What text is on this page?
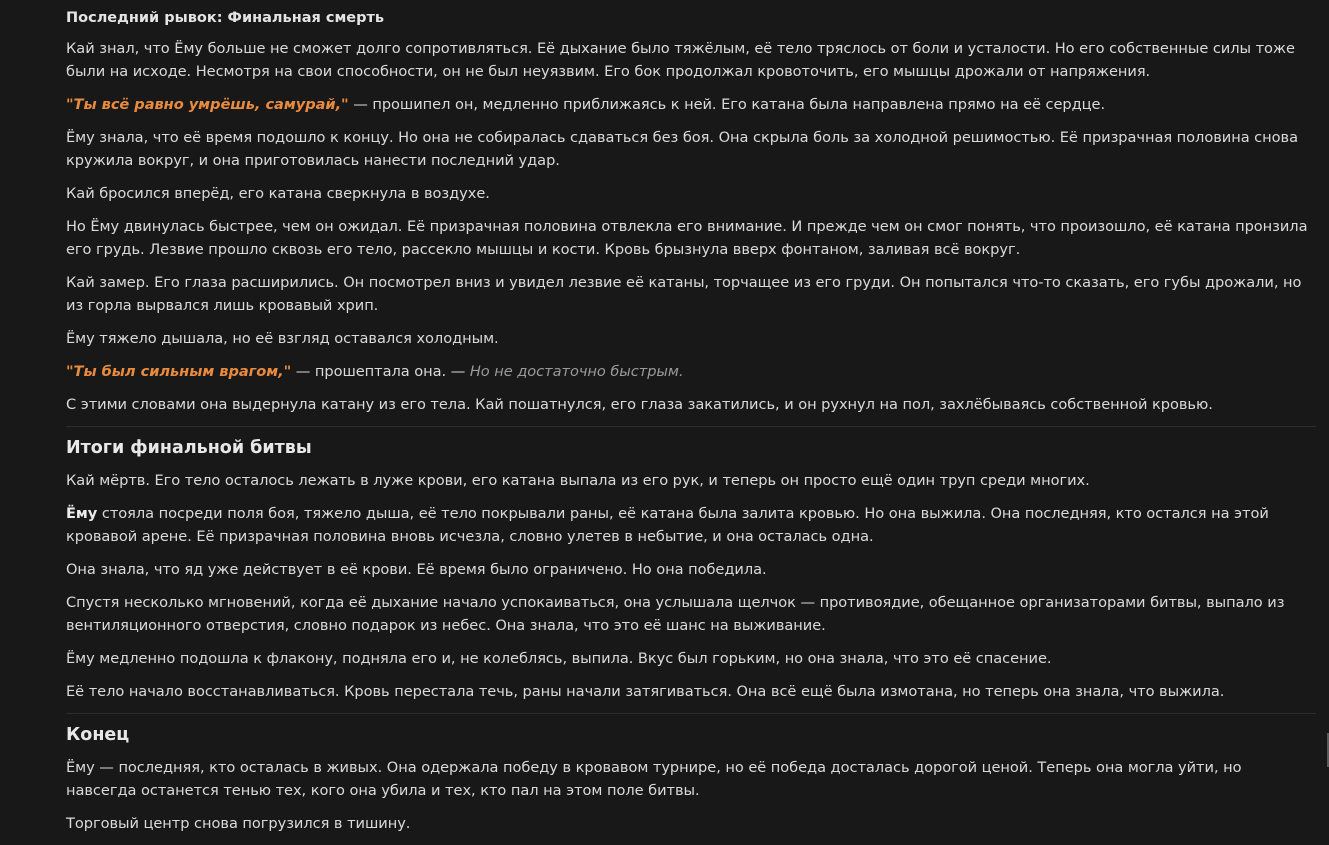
Последний рывок: Финальная смерть

Кай знал, что Ёму больше не сможет долго сопротивляться. Её дыхание было тяжёлым, её тело тряслось от боли и усталости. Но его собственные силы тоже были на исходе. Несмотря на свои способности, он не был неуязвим. Его бок продолжал кровоточить, его мышцы дрожали от напряжения.

"Ты всё равно умрёшь, самурай," — прошипел он, медленно приближаясь к ней. Его катана была направлена прямо на её сердце.

Ёму знала, что её время подошло к концу. Но она не собиралась сдаваться без боя. Она скрыла боль за холодной решимостью. Её призрачная половина снова кружила вокруг, и она приготовилась нанести последний удар.

Кай бросился вперёд, его катана сверкнула в воздухе.

Но Ёму двинулась быстрее, чем он ожидал. Её призрачная половина отвлекла его внимание. И прежде чем он смог понять, что произошло, её катана пронзила его грудь. Лезвие прошло сквозь его тело, рассекло мышцы и кости. Кровь брызнула вверх фонтаном, заливая всё вокруг.

Кай замер. Его глаза расширились. Он посмотрел вниз и увидел лезвие её катаны, торчащее из его груди. Он попытался что-то сказать, его губы дрожали, но из горла вырвался лишь кровавый хрип.

Ёму тяжело дышала, но её взгляд оставался холодным.

"Ты был сильным врагом," — прошептала она. — Но не достаточно быстрым.

С этими словами она выдернула катану из его тела. Кай пошатнулся, его глаза закатились, и он рухнул на пол, захлёбываясь собственной кровью.

Итоги финальной битвы

Кай мёртв. Его тело осталось лежать в луже крови, его катана выпала из его рук, и теперь он просто ещё один труп среди многих.

Ёму стояла посреди поля боя, тяжело дыша, её тело покрывали раны, её катана была залита кровью. Но она выжила. Она последняя, кто остался на этой кровавой арене. Её призрачная половина вновь исчезла, словно улетев в небытие, и она осталась одна.

Она знала, что яд уже действует в её крови. Её время было ограничено. Но она победила.

Спустя несколько мгновений, когда её дыхание начало успокаиваться, она услышала щелчок — противоядие, обещанное организаторами битвы, выпало из вентиляционного отверстия, словно подарок из небес. Она знала, что это её шанс на выживание.

Ёму медленно подошла к флакону, подняла его и, не колеблясь, выпила. Вкус был горьким, но она знала, что это её спасение.

Её тело начало восстанавливаться. Кровь перестала течь, раны начали затягиваться. Она всё ещё была измотана, но теперь она знала, что выжила.

Конец

Ёму — последняя, кто осталась в живых. Она одержала победу в кровавом турнире, но её победа досталась дорогой ценой. Теперь она могла уйти, но навсегда останется тенью тех, кого она убила и тех, кто пал на этом поле битвы.

Торговый центр снова погрузился в тишину.
